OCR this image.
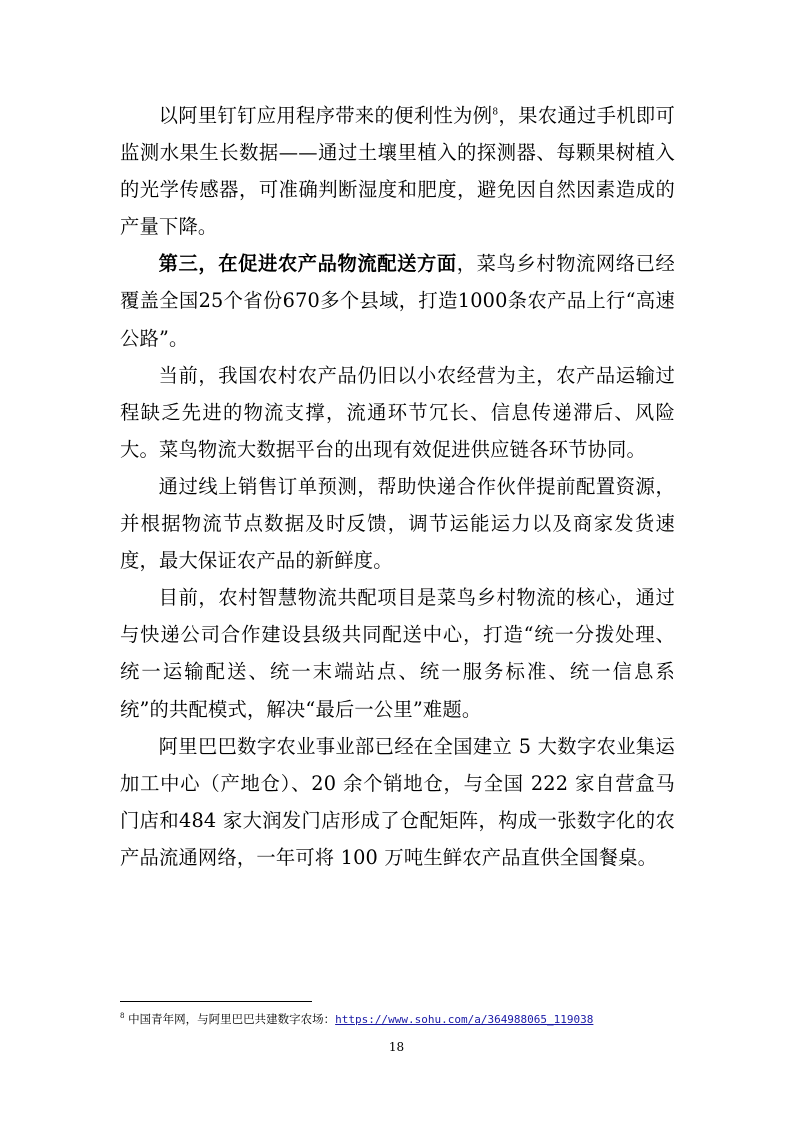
以阿里钉钉应用程序带来的便利性为例$^8$，果农通过手机即可监测水果生长数据——通过土壤里植入的探测器、每颗果树植入的光学传感器，可准确判断湿度和肥度，避免因自然因素造成的产量下降。

第三，在促进农产品物流配送方面，菜鸟乡村物流网络已经覆盖全国25个省份670多个县域，打造1000条农产品上行“高速公路”。

当前，我国农村农产品仍旧以小农经营为主，农产品运输过程缺乏先进的物流支撑，流通环节冗长、信息传递滞后、风险大。菜鸟物流大数据平台的出现有效促进供应链各环节协同。

通过线上销售订单预测，帮助快递合作伙伴提前配置资源，并根据物流节点数据及时反馈，调节运能运力以及商家发货速度，最大保证农产品的新鲜度。

目前，农村智慧物流共配项目是菜鸟乡村物流的核心，通过与快递公司合作建设县级共同配送中心，打造“统一分拨处理、统一运输配送、统一末端站点、统一服务标准、统一信息系统”的共配模式，解决“最后一公里”难题。

阿里巴巴数字农业事业部已经在全国建立 5 大数字农业集运加工中心（产地仓）、20 余个销地仓，与全国 222 家自营盒马门店和484 家大润发门店形成了仓配矩阵，构成一张数字化的农产品流通网络，一年可将 100 万吨生鲜农产品直供全国餐桌。

$^8$ 中国青年网，与阿里巴巴共建数字农场：https://www.sohu.com/a/364988065_119038
18
